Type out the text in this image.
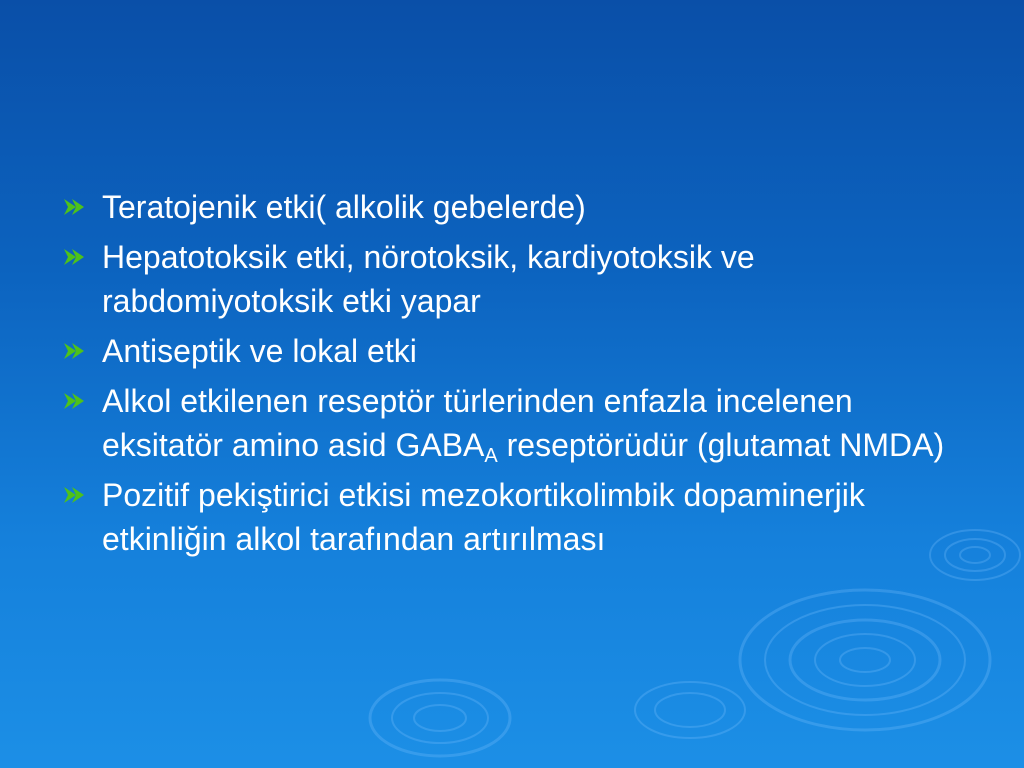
Teratojenik etki( alkolik gebelerde)
Hepatotoksik etki, nörotoksik, kardiyotoksik ve rabdomiyotoksik etki yapar
Antiseptik ve lokal etki
Alkol etkilenen reseptör türlerinden enfazla incelenen eksitatör amino asid $GABA_A$ reseptörüdür (glutamat NMDA)
Pozitif pekiştirici etkisi mezokortikolimbik dopaminerjik etkinliğin alkol tarafından artırılması
